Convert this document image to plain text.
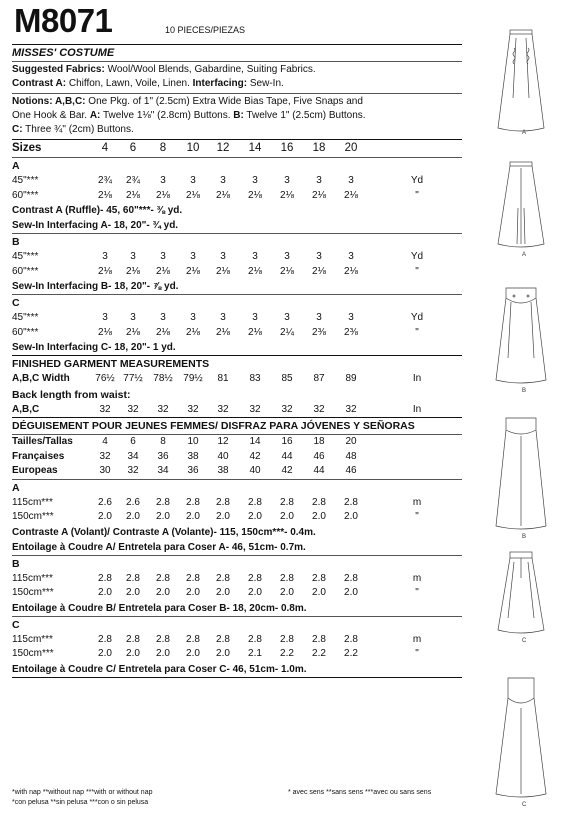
M8071	10 PIECES/PIEZAS
MISSES' COSTUME
Suggested Fabrics: Wool/Wool Blends, Gabardine, Suiting Fabrics.
Contrast A: Chiffon, Lawn, Voile, Linen. Interfacing: Sew-In.
Notions: A,B,C: One Pkg. of 1" (2.5cm) Extra Wide Bias Tape, Five Snaps and
One Hook & Bar. A: Twelve 1⅛" (2.8cm) Buttons. B: Twelve 1" (2.5cm) Buttons.
C: Three ¾" (2cm) Buttons.
Sizes	4	6	8	10	12	14	16	18	20
A
45"***	2¾	2¾	3	3	3	3	3	3	3	Yd
60"***	2⅛	2⅛	2⅛	2⅛	2⅛	2⅛	2⅛	2⅛	2⅛	"
Contrast A (Ruffle)- 45, 60"***- ⅜ yd.
Sew-In Interfacing A- 18, 20"- ¾ yd.
B
45"***	3	3	3	3	3	3	3	3	3	Yd
60"***	2⅛	2⅛	2⅛	2⅛	2⅛	2⅛	2⅛	2⅛	2⅛	"
Sew-In Interfacing B- 18, 20"- ⅞ yd.
C
45"***	3	3	3	3	3	3	3	3	3	Yd
60"***	2⅛	2⅛	2⅛	2⅛	2⅛	2⅛	2¼	2⅜	2⅜	"
Sew-In Interfacing C- 18, 20"- 1 yd.
FINISHED GARMENT MEASUREMENTS
A,B,C Width	76½ 77½	78½	79½	81	83	85	87	89	In
Back length from waist:
A,B,C	32	32	32	32	32	32	32	32	32	In
DÉGUISEMENT POUR JEUNES FEMMES/ DISFRAZ PARA JÓVENES Y SEÑORAS
Tailles/Tallas	4	6	8	10	12	14	16	18	20
Françaises	32	34	36	38	40	42	44	46	48
Europeas	30	32	34	36	38	40	42	44	46
A
115cm***	2.6	2.6	2.8	2.8	2.8	2.8	2.8	2.8	2.8	m
150cm***	2.0	2.0	2.0	2.0	2.0	2.0	2.0	2.0	2.0	"
Contraste A (Volant)/ Contraste A (Volante)- 115, 150cm***- 0.4m.
Entoilage à Coudre A/ Entretela para Coser A- 46, 51cm- 0.7m.
B
115cm***	2.8	2.8	2.8	2.8	2.8	2.8	2.8	2.8	2.8	m
150cm***	2.0	2.0	2.0	2.0	2.0	2.0	2.0	2.0	2.0	"
Entoilage à Coudre B/ Entretela para Coser B- 18, 20cm- 0.8m.
C
115cm***	2.8	2.8	2.8	2.8	2.8	2.8	2.8	2.8	2.8	m
150cm***	2.0	2.0	2.0	2.0	2.0	2.1	2.2	2.2	2.2	"
Entoilage à Coudre C/ Entretela para Coser C- 46, 51cm- 1.0m.
*with nap **without nap ***with or without nap
*con pelusa **sin pelusa ***con o sin pelusa
* avec sens **sans sens ***avec ou sans sens
A
A
B
B
C
C
